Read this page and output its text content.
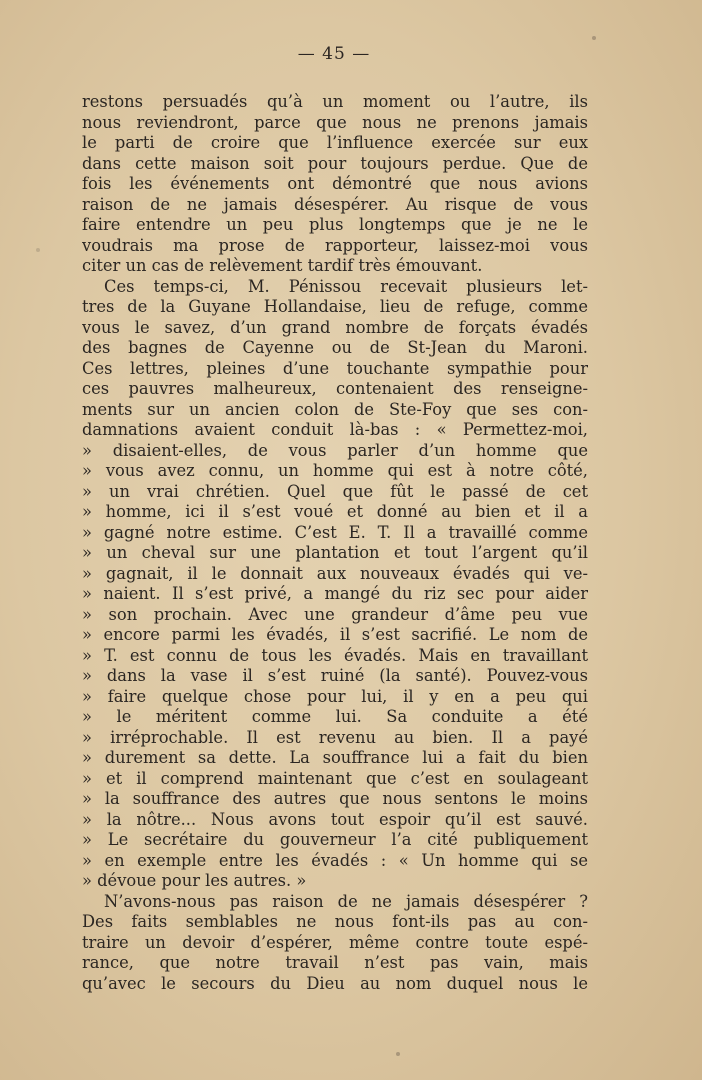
— 45 —
restons persuadés qu’à un moment ou l’autre, ils
nous reviendront, parce que nous ne prenons jamais
le parti de croire que l’influence exercée sur eux
dans cette maison soit pour toujours perdue. Que de
fois les événements ont démontré que nous avions
raison de ne jamais désespérer. Au risque de vous
faire entendre un peu plus longtemps que je ne le
voudrais ma prose de rapporteur, laissez-moi vous
citer un cas de relèvement tardif très émouvant.
Ces temps-ci, M. Pénissou recevait plusieurs let-
tres de la Guyane Hollandaise, lieu de refuge, comme
vous le savez, d’un grand nombre de forçats évadés
des bagnes de Cayenne ou de St-Jean du Maroni.
Ces lettres, pleines d’une touchante sympathie pour
ces pauvres malheureux, contenaient des renseigne-
ments sur un ancien colon de Ste-Foy que ses con-
damnations avaient conduit là-bas : « Permettez-moi,
» disaient-elles, de vous parler d’un homme que
» vous avez connu, un homme qui est à notre côté,
» un vrai chrétien. Quel que fût le passé de cet
» homme, ici il s’est voué et donné au bien et il a
» gagné notre estime. C’est E. T. Il a travaillé comme
» un cheval sur une plantation et tout l’argent qu’il
» gagnait, il le donnait aux nouveaux évadés qui ve-
» naient. Il s’est privé, a mangé du riz sec pour aider
» son prochain. Avec une grandeur d’âme peu vue
» encore parmi les évadés, il s’est sacrifié. Le nom de
» T. est connu de tous les évadés. Mais en travaillant
» dans la vase il s’est ruiné (la santé). Pouvez-vous
» faire quelque chose pour lui, il y en a peu qui
» le méritent comme lui. Sa conduite a été
» irréprochable. Il est revenu au bien. Il a payé
» durement sa dette. La souffrance lui a fait du bien
» et il comprend maintenant que c’est en soulageant
» la souffrance des autres que nous sentons le moins
» la nôtre... Nous avons tout espoir qu’il est sauvé.
» Le secrétaire du gouverneur l’a cité publiquement
» en exemple entre les évadés : « Un homme qui se
» dévoue pour les autres. »
N’avons-nous pas raison de ne jamais désespérer ?
Des faits semblables ne nous font-ils pas au con-
traire un devoir d’espérer, même contre toute espé-
rance, que notre travail n’est pas vain, mais
qu’avec le secours du Dieu au nom duquel nous le
